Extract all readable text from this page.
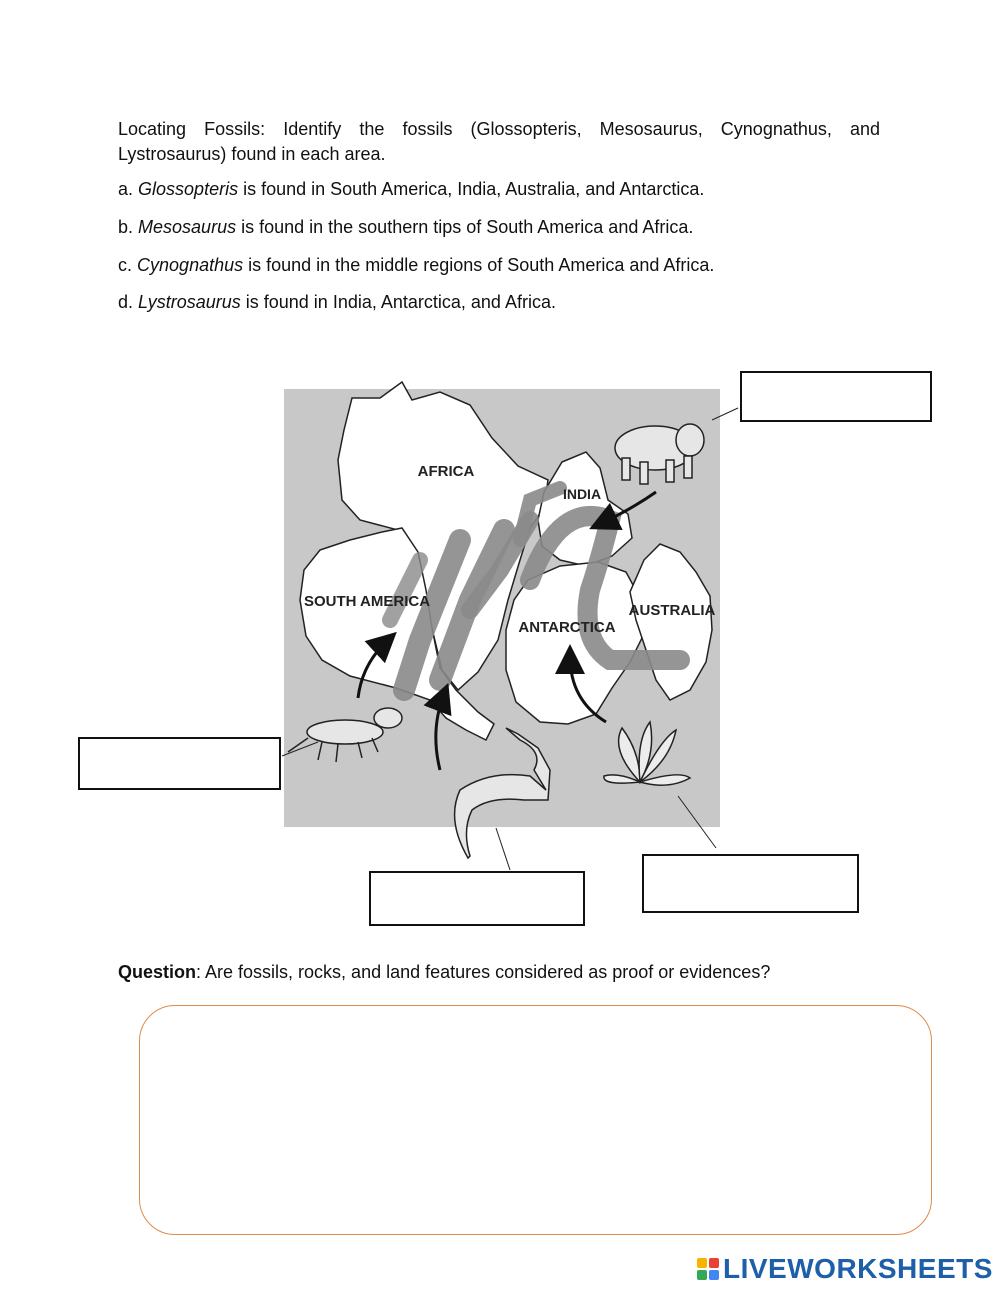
Locating Fossils: Identify the fossils (Glossopteris, Mesosaurus, Cynognathus, and Lystrosaurus) found in each area.

a. Glossopteris is found in South America, India, Australia, and Antarctica.

b. Mesosaurus is found in the southern tips of South America and Africa.

c. Cynognathus is found in the middle regions of South America and Africa.

d. Lystrosaurus is found in India, Antarctica, and Africa.

AFRICA
INDIA
SOUTH AMERICA
ANTARCTICA
AUSTRALIA

Question: Are fossils, rocks, and land features considered as proof or evidences?

LIVEWORKSHEETS
